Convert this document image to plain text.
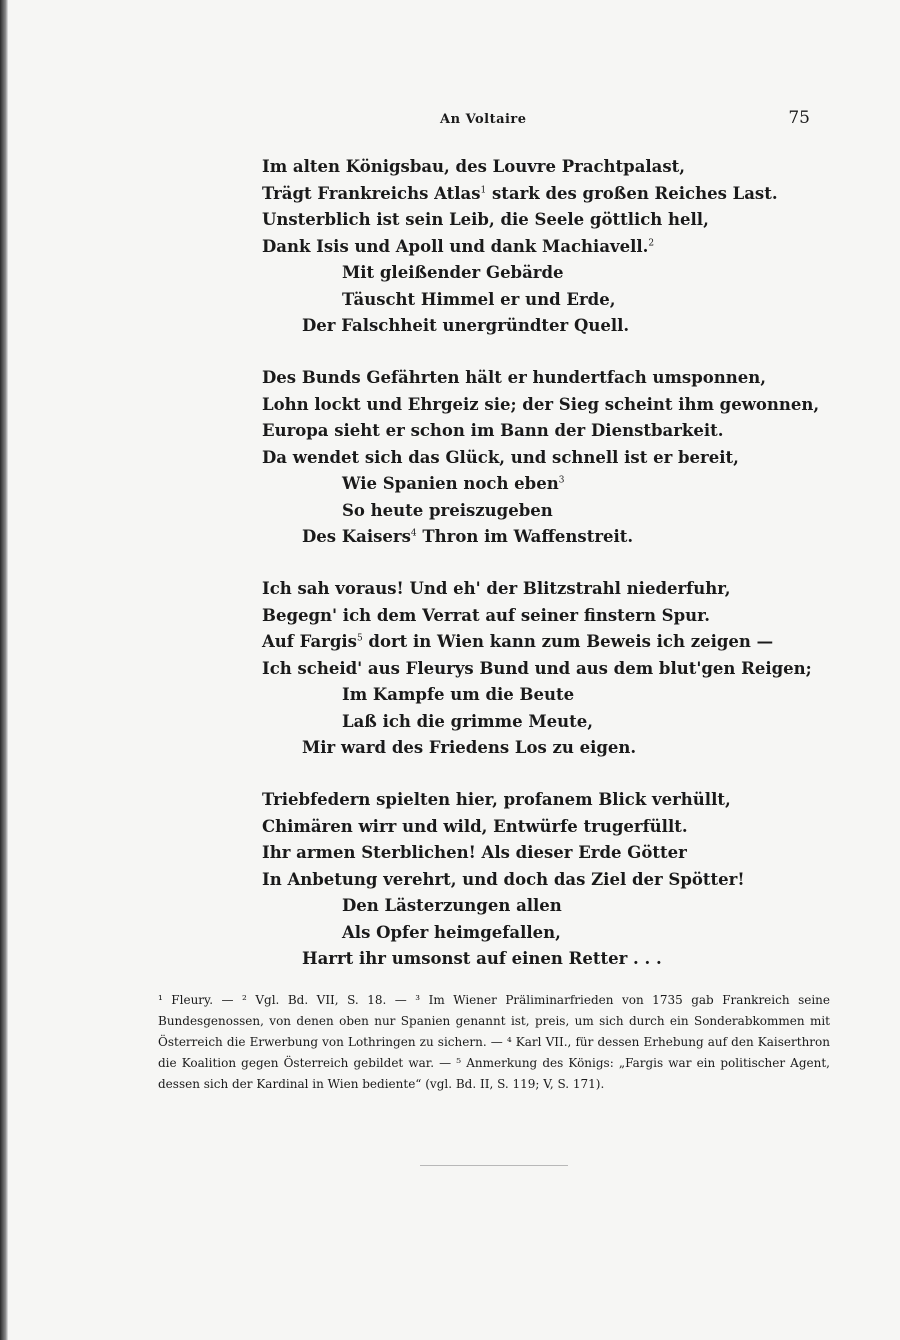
An Voltaire	75
Im alten Königsbau, des Louvre Prachtpalast,
Trägt Frankreichs Atlas$^1$ stark des großen Reiches Last.
Unsterblich ist sein Leib, die Seele göttlich hell,
Dank Isis und Apoll und dank Machiavell.$^2$
Mit gleißender Gebärde
Täuscht Himmel er und Erde,
Der Falschheit unergründter Quell.
Des Bunds Gefährten hält er hundertfach umsponnen,
Lohn lockt und Ehrgeiz sie; der Sieg scheint ihm gewonnen,
Europa sieht er schon im Bann der Dienstbarkeit.
Da wendet sich das Glück, und schnell ist er bereit,
Wie Spanien noch eben$^3$
So heute preiszugeben
Des Kaisers$^4$ Thron im Waffenstreit.
Ich sah voraus! Und eh' der Blitzstrahl niederfuhr,
Begegn' ich dem Verrat auf seiner finstern Spur.
Auf Fargis$^5$ dort in Wien kann zum Beweis ich zeigen —
Ich scheid' aus Fleurys Bund und aus dem blut'gen Reigen;
Im Kampfe um die Beute
Laß ich die grimme Meute,
Mir ward des Friedens Los zu eigen.
Triebfedern spielten hier, profanem Blick verhüllt,
Chimären wirr und wild, Entwürfe trugerfüllt.
Ihr armen Sterblichen! Als dieser Erde Götter
In Anbetung verehrt, und doch das Ziel der Spötter!
Den Lästerzungen allen
Als Opfer heimgefallen,
Harrt ihr umsonst auf einen Retter . . .

¹ Fleury. — ² Vgl. Bd. VII, S. 18. — ³ Im Wiener Präliminarfrieden von 1735 gab Frankreich seine Bundesgenossen, von denen oben nur Spanien genannt ist, preis, um sich durch ein Sonderabkommen mit Österreich die Erwerbung von Lothringen zu sichern. — ⁴ Karl VII., für dessen Erhebung auf den Kaiserthron die Koalition gegen Österreich gebildet war. — ⁵ Anmerkung des Königs: „Fargis war ein politischer Agent, dessen sich der Kardinal in Wien bediente“ (vgl. Bd. II, S. 119; V, S. 171).
